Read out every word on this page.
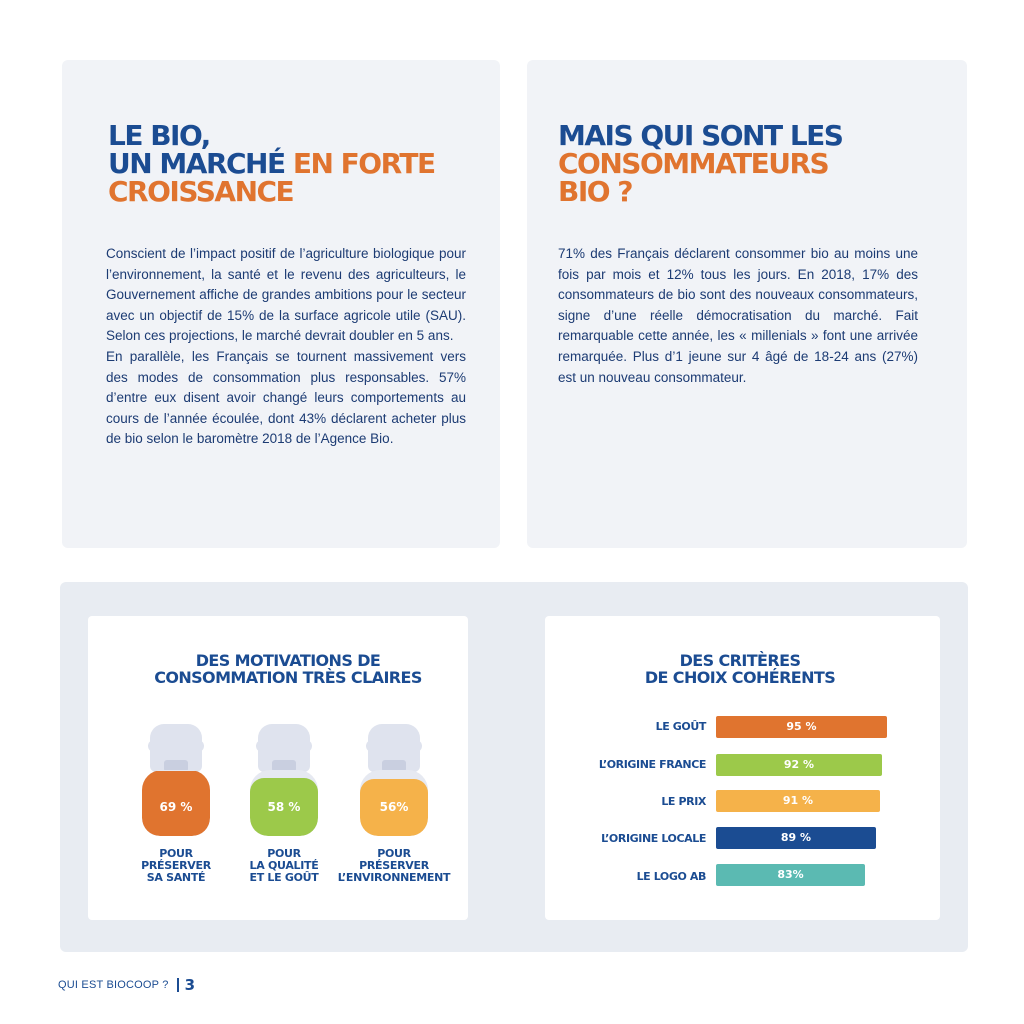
LE BIO,
UN MARCHÉ EN FORTE
CROISSANCE
MAIS QUI SONT LES
CONSOMMATEURS
BIO ?

Conscient de l’impact positif de l’agriculture biologique pour l’environnement, la santé et le revenu des agriculteurs, le Gouvernement affiche de grandes ambitions pour le secteur avec un objectif de 15% de la surface agricole utile (SAU). Selon ces projections, le marché devrait doubler en 5 ans.

En parallèle, les Français se tournent massivement vers des modes de consommation plus responsables. 57% d’entre eux disent avoir changé leurs comportements au cours de l’année écoulée, dont 43% déclarent acheter plus de bio selon le baromètre 2018 de l’Agence Bio.

71% des Français déclarent consommer bio au moins une fois par mois et 12% tous les jours. En 2018, 17% des consommateurs de bio sont des nouveaux consommateurs, signe d’une réelle démocratisation du marché. Fait remarquable cette année, les « millenials » font une arrivée remarquée. Plus d’1 jeune sur 4 âgé de 18-24 ans (27%) est un nouveau consommateur.

DES MOTIVATIONS DE
CONSOMMATION TRÈS CLAIRES
DES CRITÈRES
DE CHOIX COHÉRENTS
69 %	58 %	56%
POUR
PRÉSERVER
SA SANTÉ
POUR
LA QUALITÉ
ET LE GOÛT
POUR
PRÉSERVER
L’ENVIRONNEMENT
LE GOÛT	95 %
L’ORIGINE FRANCE	92 %
LE PRIX	91 %
L’ORIGINE LOCALE	89 %
LE LOGO AB	83%
QUI EST BIOCOOP ? 3
